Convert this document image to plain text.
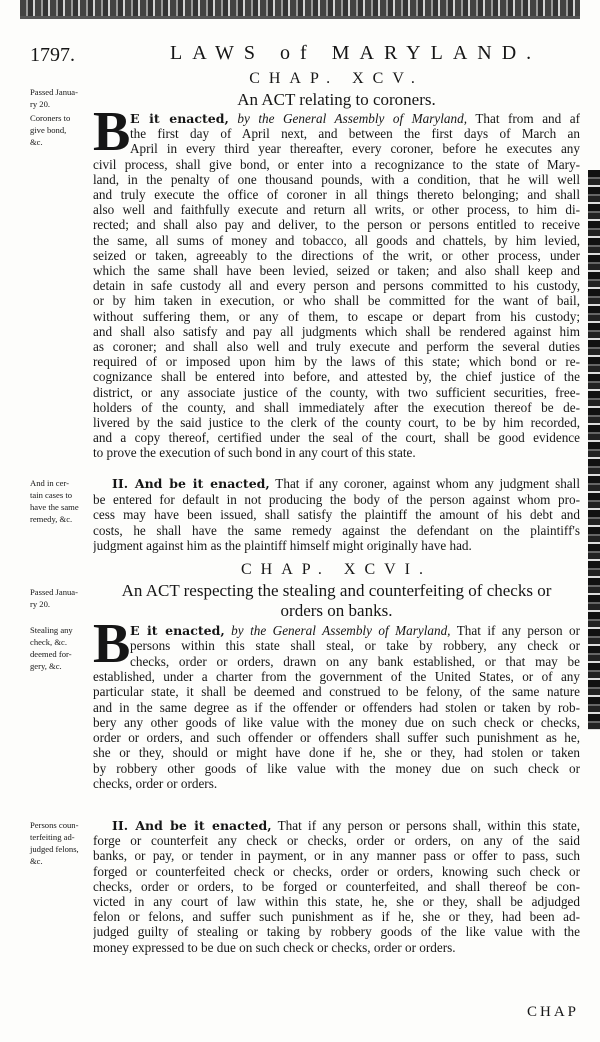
1797.	LAWS of MARYLAND.
CHAP. XCV.
An ACT relating to coroners.
Passed Janua-
ry 20.
Coroners to
give bond,
&c.
And in cer-
tain cases to
have the same
remedy, &c.
B E it enacted, by the General Assembly of Maryland, That from and af
the first day of April next, and between the first days of March an
April in every third year thereafter, every coroner, before he executes any
civil process, shall give bond, or enter into a recognizance to the state of Mary-
land, in the penalty of one thousand pounds, with a condition, that he will well
and truly execute the office of coroner in all things thereto belonging; and shall
also well and faithfully execute and return all writs, or other process, to him di-
rected; and shall also pay and deliver, to the person or persons entitled to receive
the same, all sums of money and tobacco, all goods and chattels, by him levied,
seized or taken, agreeably to the directions of the writ, or other process, under
which the same shall have been levied, seized or taken; and also shall keep and
detain in safe custody all and every person and persons committed to his custody,
or by him taken in execution, or who shall be committed for the want of bail,
without suffering them, or any of them, to escape or depart from his custody;
and shall also satisfy and pay all judgments which shall be rendered against him
as coroner; and shall also well and truly execute and perform the several duties
required of or imposed upon him by the laws of this state; which bond or re-
cognizance shall be entered into before, and attested by, the chief justice of the
district, or any associate justice of the county, with two sufficient securities, free-
holders of the county, and shall immediately after the execution thereof be de-
livered by the said justice to the clerk of the county court, to be by him recorded,
and a copy thereof, certified under the seal of the court, shall be good evidence
to prove the execution of such bond in any court of this state.
II. And be it enacted, That if any coroner, against whom any judgment shall
be entered for default in not producing the body of the person against whom pro-
cess may have been issued, shall satisfy the plaintiff the amount of his debt and
costs, he shall have the same remedy against the defendant on the plaintiff's
judgment against him as the plaintiff himself might originally have had.
CHAP. XCVI.
An ACT respecting the stealing and counterfeiting of checks or
orders on banks.
Passed Janua-
ry 20.
Stealing any
check, &c.
deemed for-
gery, &c.
Persons coun-
terfeiting ad-
judged felons,
&c.
B E it enacted, by the General Assembly of Maryland, That if any person or
persons within this state shall steal, or take by robbery, any check or
checks, order or orders, drawn on any bank established, or that may be
established, under a charter from the government of the United States, or of any
particular state, it shall be deemed and construed to be felony, of the same nature
and in the same degree as if the offender or offenders had stolen or taken by rob-
bery any other goods of like value with the money due on such check or checks,
order or orders, and such offender or offenders shall suffer such punishment as he,
she or they, should or might have done if he, she or they, had stolen or taken
by robbery other goods of like value with the money due on such check or
checks, order or orders.
II. And be it enacted, That if any person or persons shall, within this state,
forge or counterfeit any check or checks, order or orders, on any of the said
banks, or pay, or tender in payment, or in any manner pass or offer to pass, such
forged or counterfeited check or checks, order or orders, knowing such check or
checks, order or orders, to be forged or counterfeited, and shall thereof be con-
victed in any court of law within this state, he, she or they, shall be adjudged
felon or felons, and suffer such punishment as if he, she or they, had been ad-
judged guilty of stealing or taking by robbery goods of the like value with the
money expressed to be due on such check or checks, order or orders.
CHAP
